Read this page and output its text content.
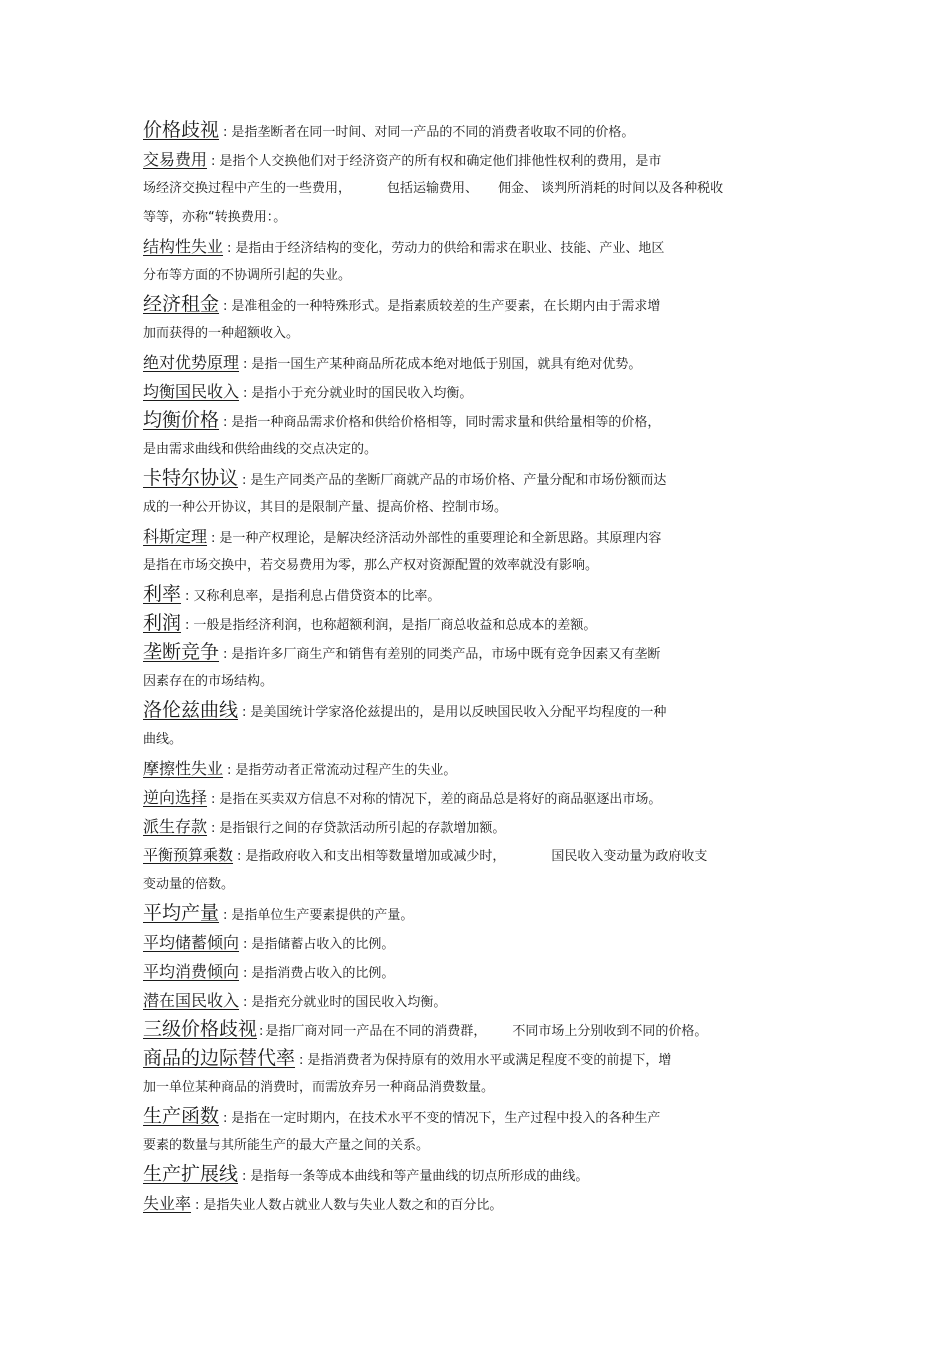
价格歧视 : 是指垄断者在同一时间、对同一产品的不同的消费者收取不同的价格。
交易费用 : 是指个人交换他们对于经济资产的所有权和确定他们排他性权利的费用，是市
场经济交换过程中产生的一些费用，	包括运输费用、 佣金、 谈判所消耗的时间以及各种税收
等等，亦称“转换费用：。
结构性失业 : 是指由于经济结构的变化，劳动力的供给和需求在职业、技能、产业、地区
分布等方面的不协调所引起的失业。
经济租金 : 是准租金的一种特殊形式。是指素质较差的生产要素，在长期内由于需求增
加而获得的一种超额收入。
绝对优势原理 : 是指一国生产某种商品所花成本绝对地低于别国，就具有绝对优势。
均衡国民收入 : 是指小于充分就业时的国民收入均衡。
均衡价格 : 是指一种商品需求价格和供给价格相等，同时需求量和供给量相等的价格，
是由需求曲线和供给曲线的交点决定的。
卡特尔协议 : 是生产同类产品的垄断厂商就产品的市场价格、产量分配和市场份额而达
成的一种公开协议，其目的是限制产量、提高价格、控制市场。
科斯定理 : 是一种产权理论，是解决经济活动外部性的重要理论和全新思路。其原理内容
是指在市场交换中，若交易费用为零，那么产权对资源配置的效率就没有影响。
利率 : 又称利息率，是指利息占借贷资本的比率。
利润 : 一般是指经济利润，也称超额利润，是指厂商总收益和总成本的差额。
垄断竞争 : 是指许多厂商生产和销售有差别的同类产品，市场中既有竞争因素又有垄断
因素存在的市场结构。
洛伦兹曲线 : 是美国统计学家洛伦兹提出的，是用以反映国民收入分配平均程度的一种
曲线。
摩擦性失业 : 是指劳动者正常流动过程产生的失业。
逆向选择 : 是指在买卖双方信息不对称的情况下，差的商品总是将好的商品驱逐出市场。
派生存款 : 是指银行之间的存贷款活动所引起的存款增加额。
平衡预算乘数 : 是指政府收入和支出相等数量增加或减少时，	国民收入变动量为政府收支
变动量的倍数。
平均产量 : 是指单位生产要素提供的产量。
平均储蓄倾向 : 是指储蓄占收入的比例。
平均消费倾向 : 是指消费占收入的比例。
潜在国民收入 : 是指充分就业时的国民收入均衡。
三级价格歧视 : 是指厂商对同一产品在不同的消费群， 不同市场上分别收到不同的价格。
商品的边际替代率 : 是指消费者为保持原有的效用水平或满足程度不变的前提下，增
加一单位某种商品的消费时，而需放弃另一种商品消费数量。
生产函数 : 是指在一定时期内，在技术水平不变的情况下，生产过程中投入的各种生产
要素的数量与其所能生产的最大产量之间的关系。
生产扩展线 : 是指每一条等成本曲线和等产量曲线的切点所形成的曲线。
失业率 : 是指失业人数占就业人数与失业人数之和的百分比。
